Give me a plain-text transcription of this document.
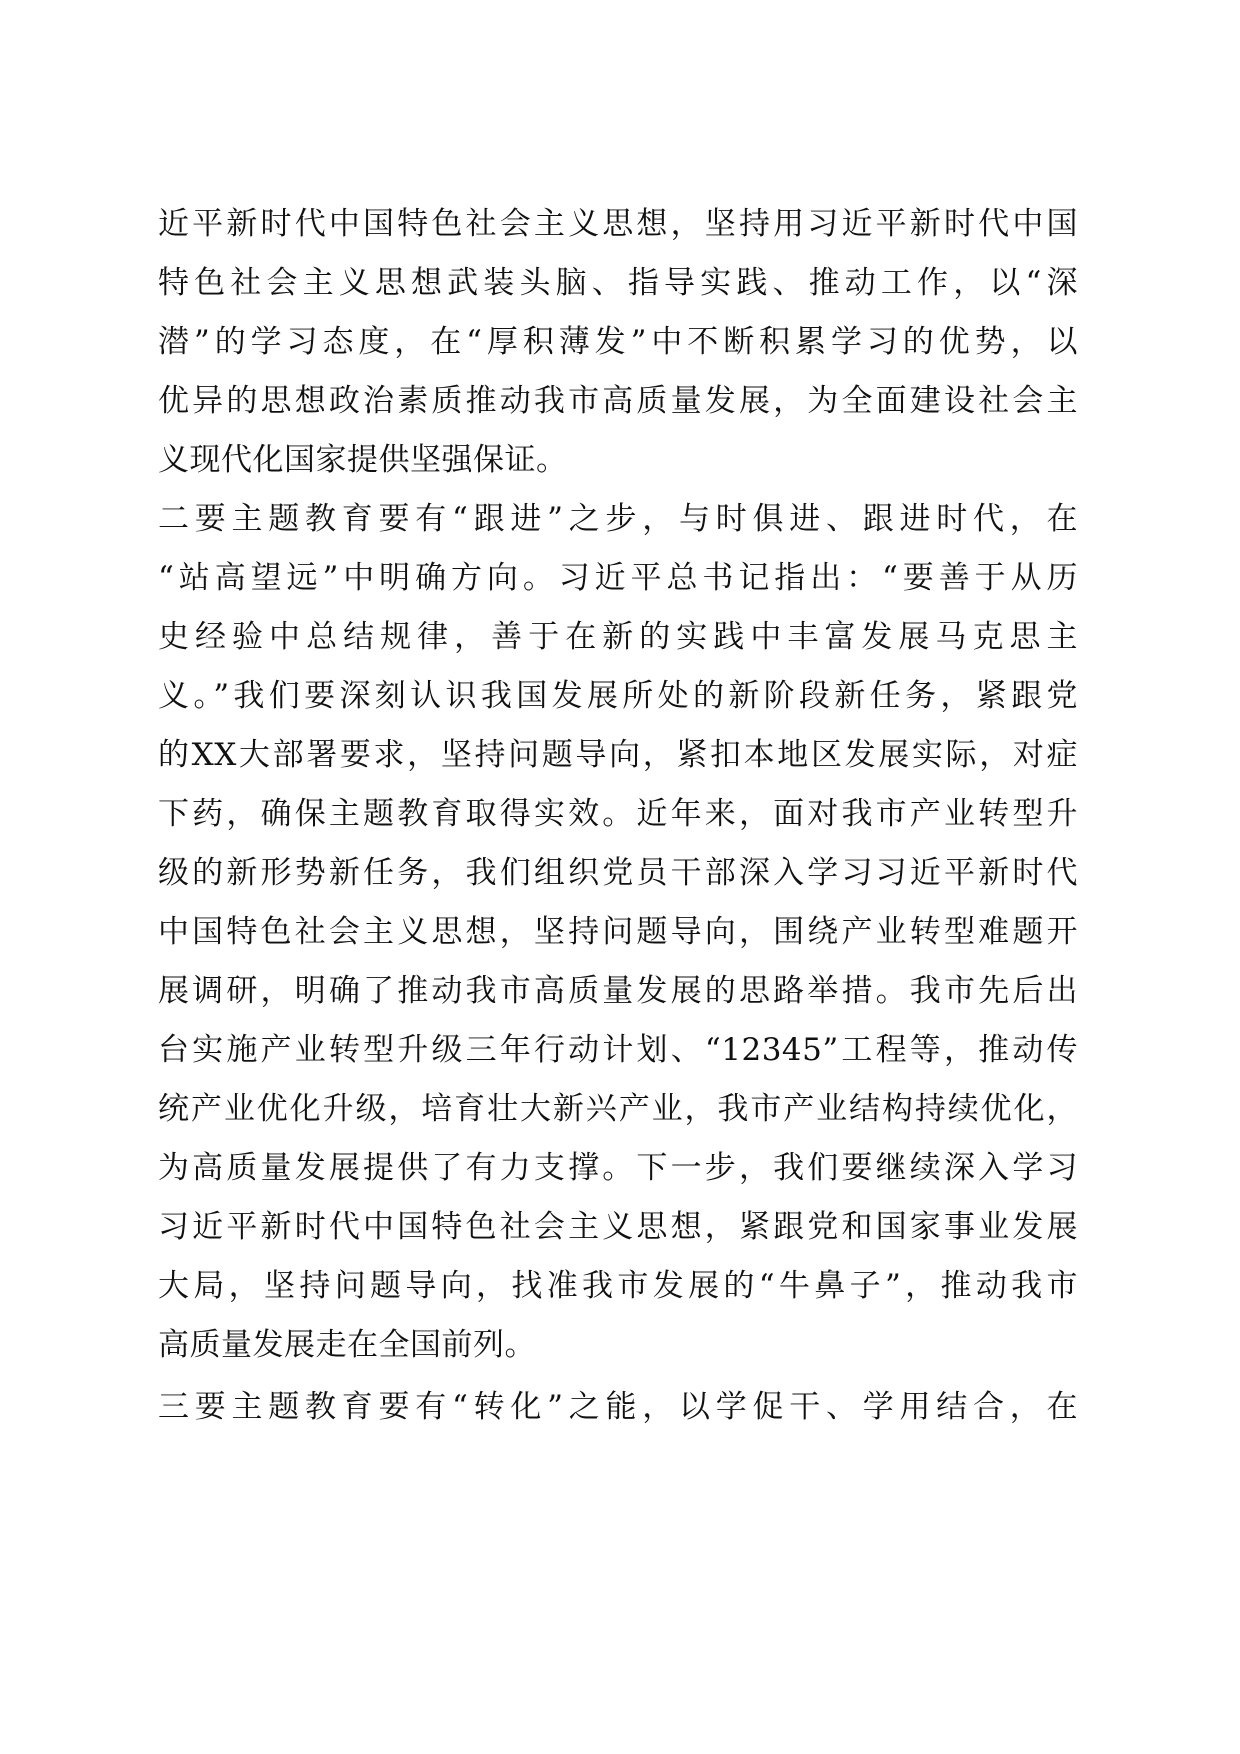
近平新时代中国特色社会主义思想，坚持用习近平新时代中国
特色社会主义思想武装头脑、指导实践、推动工作，以“深
潜”的学习态度，在“厚积薄发”中不断积累学习的优势，以
优异的思想政治素质推动我市高质量发展，为全面建设社会主
义现代化国家提供坚强保证。
二要主题教育要有“跟进”之步，与时俱进、跟进时代，在
“站高望远”中明确方向。习近平总书记指出：“要善于从历
史经验中总结规律，善于在新的实践中丰富发展马克思主
义。”我们要深刻认识我国发展所处的新阶段新任务，紧跟党
的XX大部署要求，坚持问题导向，紧扣本地区发展实际，对症
下药，确保主题教育取得实效。近年来，面对我市产业转型升
级的新形势新任务，我们组织党员干部深入学习习近平新时代
中国特色社会主义思想，坚持问题导向，围绕产业转型难题开
展调研，明确了推动我市高质量发展的思路举措。我市先后出
台实施产业转型升级三年行动计划、“12345”工程等，推动传
统产业优化升级，培育壮大新兴产业，我市产业结构持续优化，
为高质量发展提供了有力支撑。下一步，我们要继续深入学习
习近平新时代中国特色社会主义思想，紧跟党和国家事业发展
大局，坚持问题导向，找准我市发展的“牛鼻子”，推动我市
高质量发展走在全国前列。
三要主题教育要有“转化”之能，以学促干、学用结合，在
